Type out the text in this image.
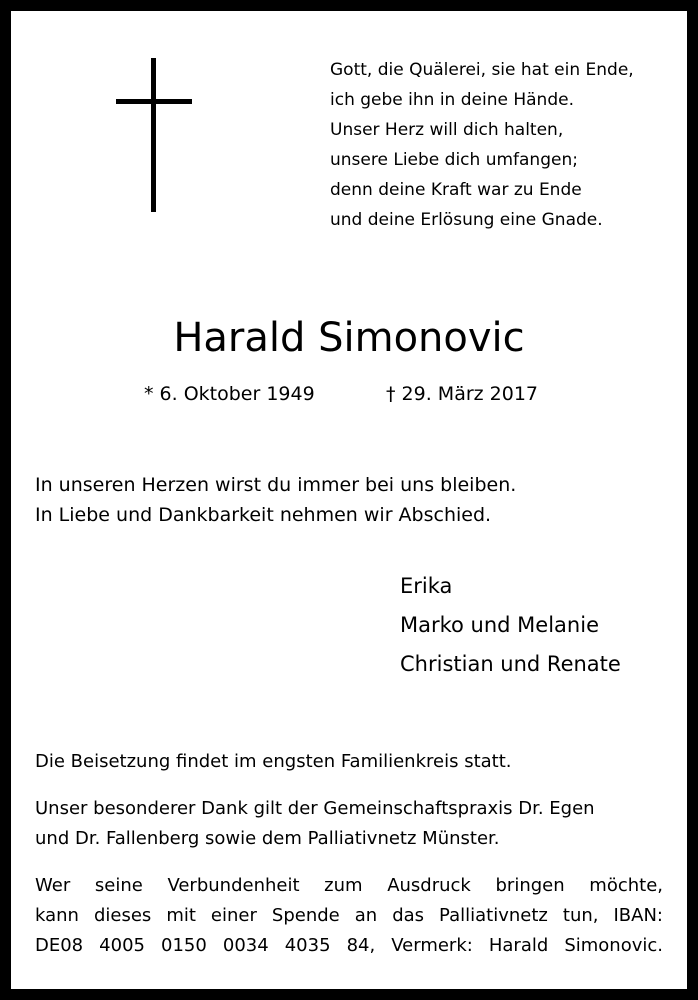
Gott, die Quälerei, sie hat ein Ende,
ich gebe ihn in deine Hände.
Unser Herz will dich halten,
unsere Liebe dich umfangen;
denn deine Kraft war zu Ende
und deine Erlösung eine Gnade.
Harald Simonovic
* 6. Oktober 1949	† 29. März 2017
In unseren Herzen wirst du immer bei uns bleiben.
In Liebe und Dankbarkeit nehmen wir Abschied.
Erika
Marko und Melanie
Christian und Renate
Die Beisetzung findet im engsten Familienkreis statt.
Unser besonderer Dank gilt der Gemeinschaftspraxis Dr. Egen
und Dr. Fallenberg sowie dem Palliativnetz Münster.
Wer seine Verbundenheit zum Ausdruck bringen möchte,
kann dieses mit einer Spende an das Palliativnetz tun, IBAN:
DE08 4005 0150 0034 4035 84, Vermerk: Harald Simonovic.
